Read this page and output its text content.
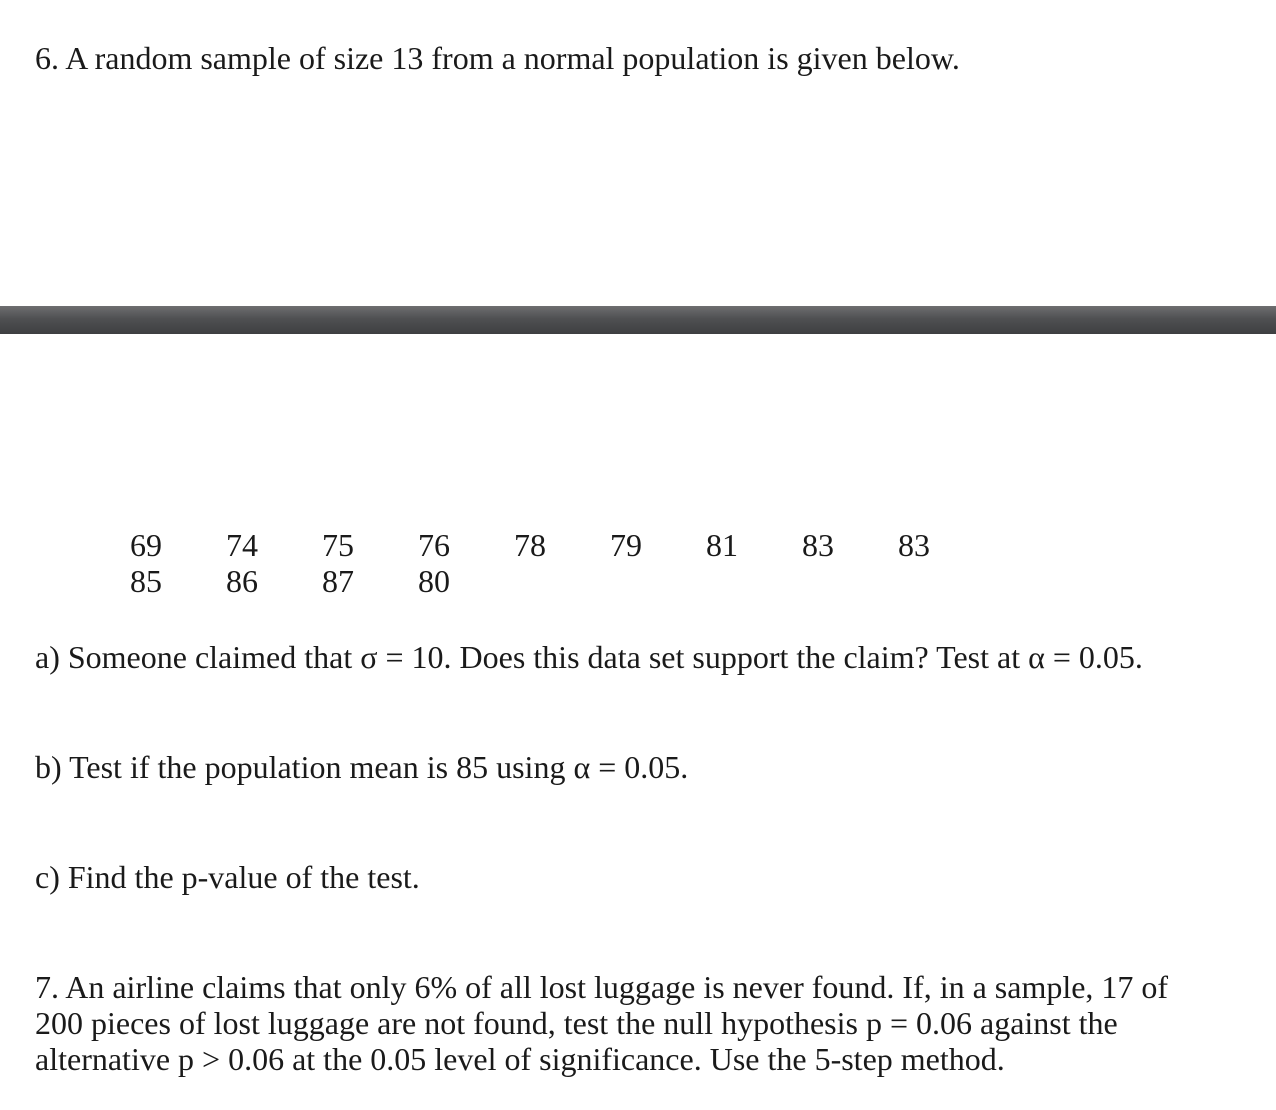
6. A random sample of size 13 from a normal population is given below.
69	74	75	76	78	79	81	83	83
85	86	87	80
a) Someone claimed that σ = 10. Does this data set support the claim? Test at α = 0.05.
b) Test if the population mean is 85 using α = 0.05.
c) Find the p-value of the test.
7. An airline claims that only 6% of all lost luggage is never found. If, in a sample, 17 of
200 pieces of lost luggage are not found, test the null hypothesis p = 0.06 against the
alternative p > 0.06 at the 0.05 level of significance. Use the 5-step method.
